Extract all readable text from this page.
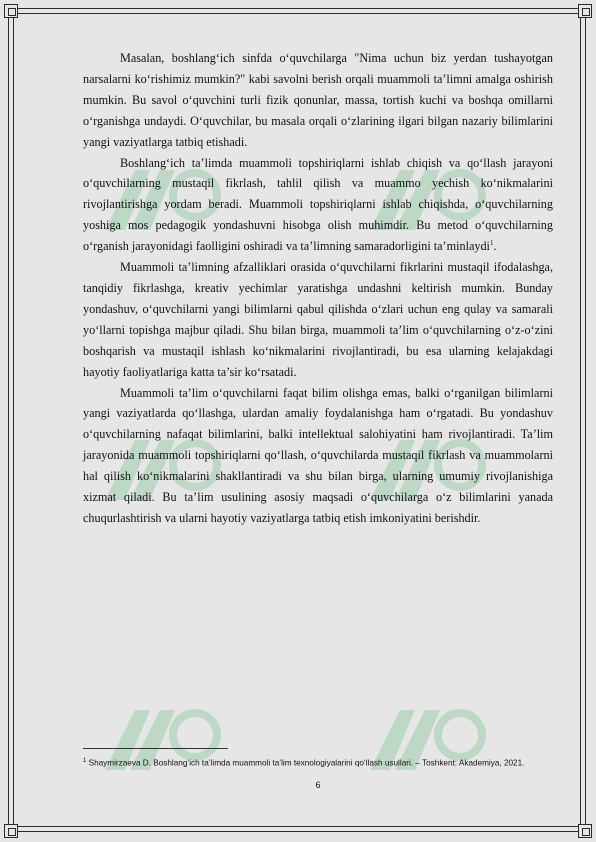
Masalan, boshlang‘ich sinfda o‘quvchilarga "Nima uchun biz yerdan tushayotgan narsalarni ko‘rishimiz mumkin?" kabi savolni berish orqali muammoli ta’limni amalga oshirish mumkin. Bu savol o‘quvchini turli fizik qonunlar, massa, tortish kuchi va boshqa omillarni o‘rganishga undaydi. O‘quvchilar, bu masala orqali o‘zlarining ilgari bilgan nazariy bilimlarini yangi vaziyatlarga tatbiq etishadi.

Boshlang‘ich ta’limda muammoli topshiriqlarni ishlab chiqish va qo‘llash jarayoni o‘quvchilarning mustaqil fikrlash, tahlil qilish va muammo yechish ko‘nikmalarini rivojlantirishga yordam beradi. Muammoli topshiriqlarni ishlab chiqishda, o‘quvchilarning yoshiga mos pedagogik yondashuvni hisobga olish muhimdir. Bu metod o‘quvchilarning o‘rganish jarayonidagi faolligini oshiradi va ta’limning samaradorligini ta’minlaydi$^1$.

Muammoli ta’limning afzalliklari orasida o‘quvchilarni fikrlarini mustaqil ifodalashga, tanqidiy fikrlashga, kreativ yechimlar yaratishga undashni keltirish mumkin. Bunday yondashuv, o‘quvchilarni yangi bilimlarni qabul qilishda o‘zlari uchun eng qulay va samarali yo‘llarni topishga majbur qiladi. Shu bilan birga, muammoli ta’lim o‘quvchilarning o‘z-o‘zini boshqarish va mustaqil ishlash ko‘nikmalarini rivojlantiradi, bu esa ularning kelajakdagi hayotiy faoliyatlariga katta ta’sir ko‘rsatadi.

Muammoli ta’lim o‘quvchilarni faqat bilim olishga emas, balki o‘rganilgan bilimlarni yangi vaziyatlarda qo‘llashga, ulardan amaliy foydalanishga ham o‘rgatadi. Bu yondashuv o‘quvchilarning nafaqat bilimlarini, balki intellektual salohiyatini ham rivojlantiradi. Ta’lim jarayonida muammoli topshiriqlarni qo‘llash, o‘quvchilarda mustaqil fikrlash va muammolarni hal qilish ko‘nikmalarini shakllantiradi va shu bilan birga, ularning umumiy rivojlanishiga xizmat qiladi. Bu ta’lim usulining asosiy maqsadi o‘quvchilarga o‘z bilimlarini yanada chuqurlashtirish va ularni hayotiy vaziyatlarga tatbiq etish imkoniyatini berishdir.

$^1$ Shaymirzaeva D. Boshlang‘ich ta’limda muammoli ta’lim texnologiyalarini qo‘llash usullari. – Toshkent: Akademiya, 2021.
6
